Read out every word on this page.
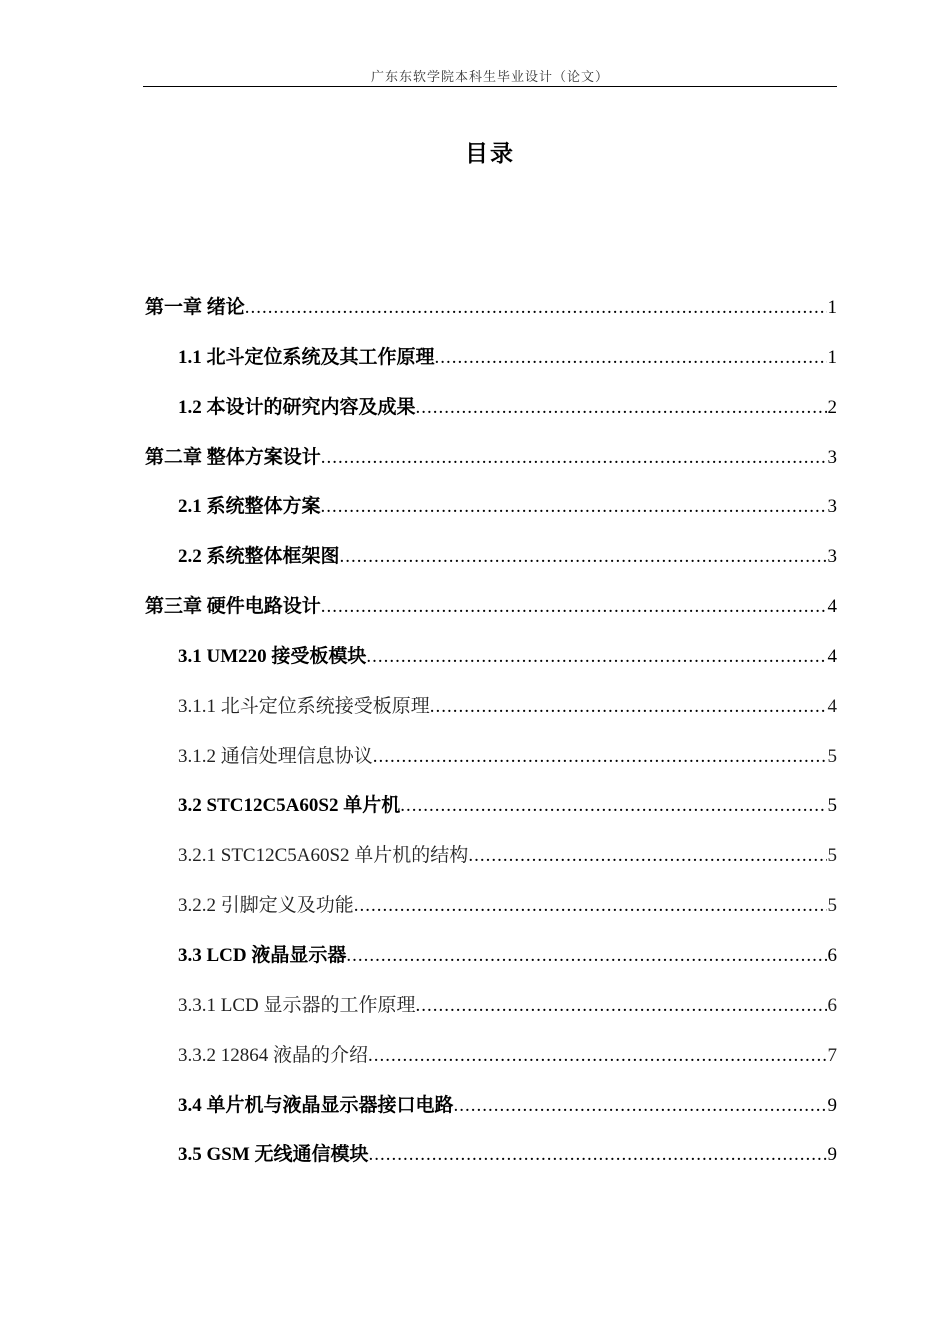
广东东软学院本科生毕业设计（论文）
目录
第一章 绪论 .....	1
1.1 北斗定位系统及其工作原理 .....	1
1.2 本设计的研究内容及成果 .....	2
第二章 整体方案设计 .....	3
2.1 系统整体方案 .....	3
2.2 系统整体框架图 .....	3
第三章 硬件电路设计 .....	4
3.1 UM220 接受板模块 .....	4
3.1.1 北斗定位系统接受板原理 .....	4
3.1.2 通信处理信息协议 .....	5
3.2 STC12C5A60S2 单片机 .....	5
3.2.1 STC12C5A60S2 单片机的结构 .....	5
3.2.2 引脚定义及功能 .....	5
3.3 LCD 液晶显示器 .....	6
3.3.1 LCD 显示器的工作原理 .....	6
3.3.2 12864 液晶的介绍 .....	7
3.4 单片机与液晶显示器接口电路 .....	9
3.5 GSM 无线通信模块 .....	9
